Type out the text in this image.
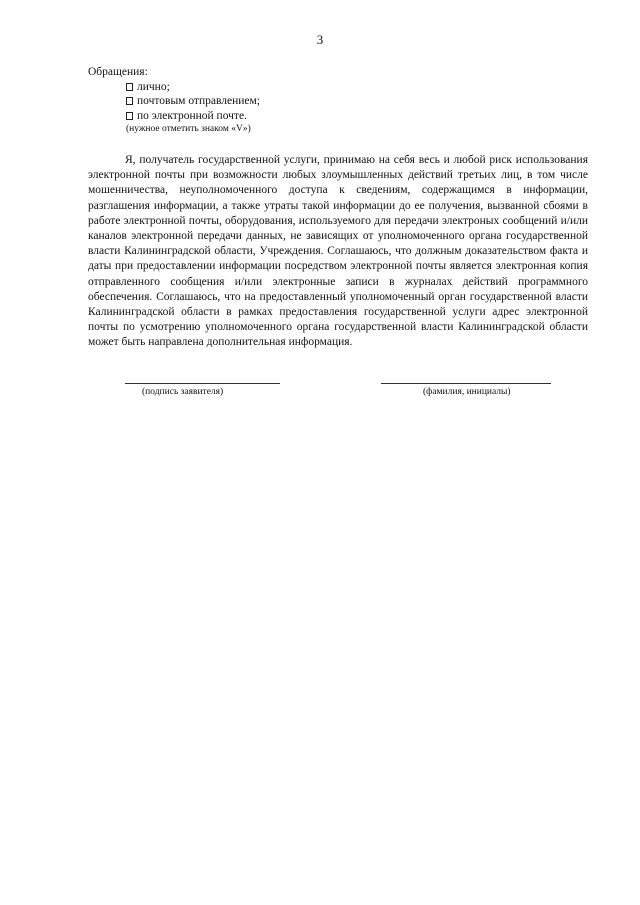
3

Обращения:

лично;
почтовым отправлением;
по электронной почте.
(нужное отметить знаком «V»)

Я, получатель государственной услуги, принимаю на себя весь и любой риск использования электронной почты при возможности любых злоумышленных действий третьих лиц, в том числе мошенничества, неуполномоченного доступа к сведениям, содержащимся в информации, разглашения информации, а также утраты такой информации до ее получения, вызванной сбоями в работе электронной почты, оборудования, используемого для передачи электроных сообщений и/или каналов электронной передачи данных, не зависящих от уполномоченного органа государственной власти Калининградской области, Учреждения. Соглашаюсь, что должным доказательством факта и даты при предоставлении информации посредством электронной почты является электронная копия отправленного сообщения и/или электронные записи в журналах действий программного обеспечения. Соглашаюсь, что на предоставленный уполномоченный орган государственной власти Калининградской области в рамках предоставления государственной услуги адрес электронной почты по усмотрению уполномоченного органа государственной власти Калининградской области может быть направлена дополнительная информация.

(подпись заявителя)	(фамилия, инициалы)
